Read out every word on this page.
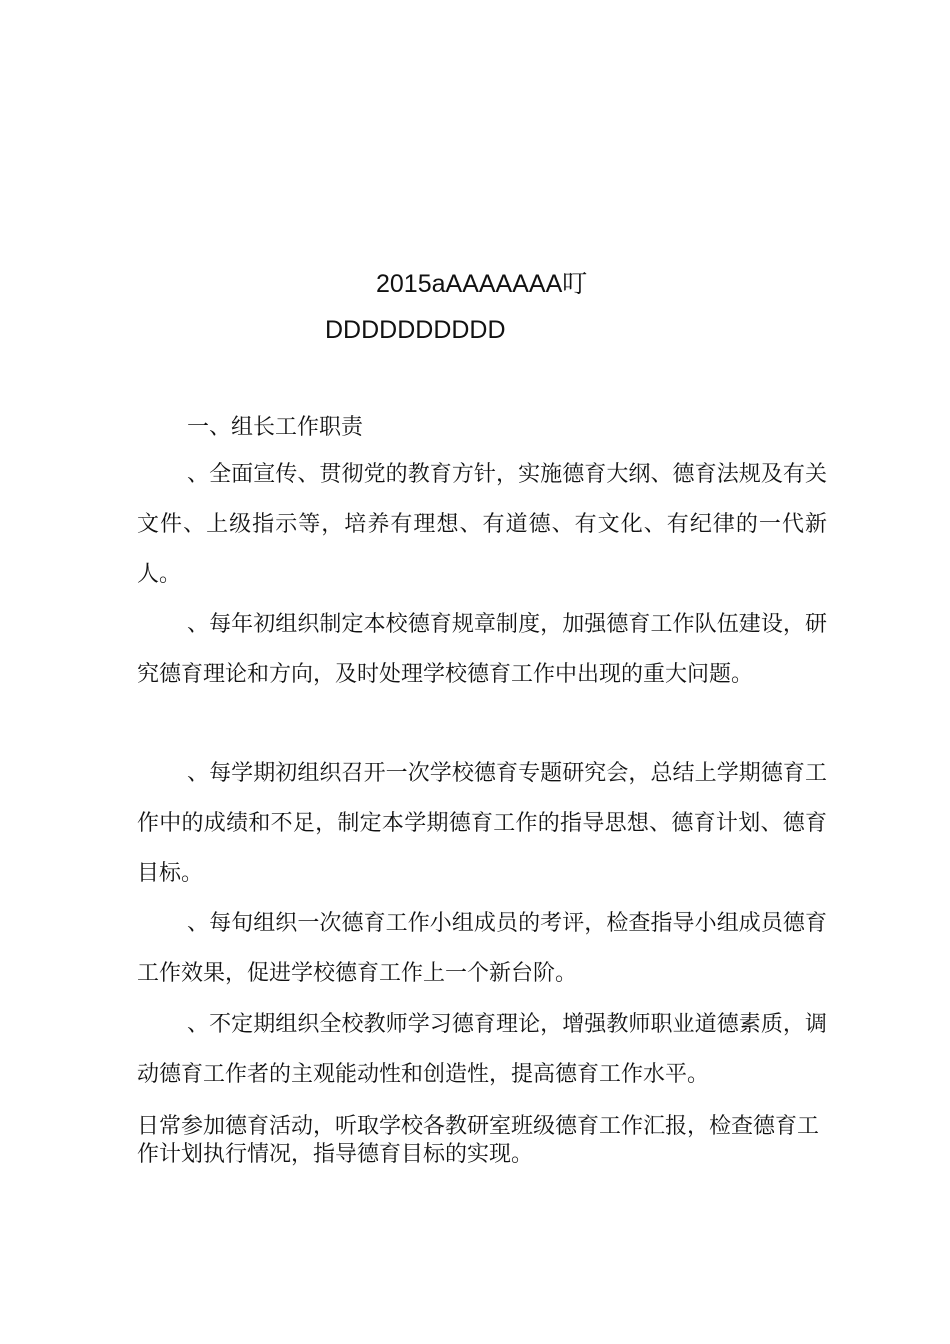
2015aAAAAAAA叮
DDDDDDDDDD
一、组长工作职责
、全面宣传、贯彻党的教育方针，实施德育大纲、德育法规及有关文件、上级指示等，培养有理想、有道德、有文化、有纪律的一代新人。
、每年初组织制定本校德育规章制度，加强德育工作队伍建设，研究德育理论和方向，及时处理学校德育工作中出现的重大问题。
、每学期初组织召开一次学校德育专题研究会，总结上学期德育工作中的成绩和不足，制定本学期德育工作的指导思想、德育计划、德育目标。
、每旬组织一次德育工作小组成员的考评，检查指导小组成员德育工作效果，促进学校德育工作上一个新台阶。
、不定期组织全校教师学习德育理论，增强教师职业道德素质，调动德育工作者的主观能动性和创造性，提高德育工作水平。
日常参加德育活动，听取学校各教研室班级德育工作汇报，检查德育工作计划执行情况，指导德育目标的实现。
